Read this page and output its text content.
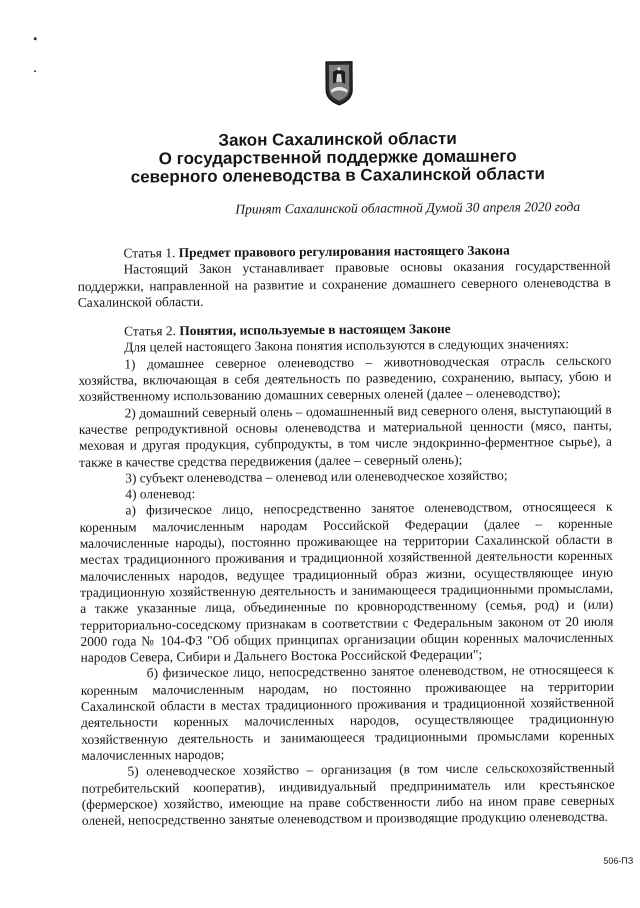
Закон Сахалинской области
О государственной поддержке домашнего
северного оленеводства в Сахалинской области
Принят Сахалинской областной Думой 30 апреля 2020 года

Статья 1. Предмет правового регулирования настоящего Закона

Настоящий Закон устанавливает правовые основы оказания государственной поддержки, направленной на развитие и сохранение домашнего северного оленеводства в Сахалинской области.

Статья 2. Понятия, используемые в настоящем Законе

Для целей настоящего Закона понятия используются в следующих значениях:

1) домашнее северное оленеводство – животноводческая отрасль сельского хозяйства, включающая в себя деятельность по разведению, сохранению, выпасу, убою и хозяйственному использованию домашних северных оленей (далее – оленеводство);

2) домашний северный олень – одомашненный вид северного оленя, выступающий в качестве репродуктивной основы оленеводства и материальной ценности (мясо, панты, меховая и другая продукция, субпродукты, в том числе эндокринно-ферментное сырье), а также в качестве средства передвижения (далее – северный олень);

3) субъект оленеводства – оленевод или оленеводческое хозяйство;

4) оленевод:

а) физическое лицо, непосредственно занятое оленеводством, относящееся к коренным малочисленным народам Российской Федерации (далее – коренные малочисленные народы), постоянно проживающее на территории Сахалинской области в местах традиционного проживания и традиционной хозяйственной деятельности коренных малочисленных народов, ведущее традиционный образ жизни, осуществляющее иную традиционную хозяйственную деятельность и занимающееся традиционными промыслами, а также указанные лица, объединенные по кровнородственному (семья, род) и (или) территориально-соседскому признакам в соответствии с Федеральным законом от 20 июля 2000 года № 104-ФЗ "Об общих принципах организации общин коренных малочисленных народов Севера, Сибири и Дальнего Востока Российской Федерации";

б) физическое лицо, непосредственно занятое оленеводством, не относящееся к коренным малочисленным народам, но постоянно проживающее на территории Сахалинской области в местах традиционного проживания и традиционной хозяйственной деятельности коренных малочисленных народов, осуществляющее традиционную хозяйственную деятельность и занимающееся традиционными промыслами коренных малочисленных народов;

5) оленеводческое хозяйство – организация (в том числе сельскохозяйственный потребительский кооператив), индивидуальный предприниматель или крестьянское (фермерское) хозяйство, имеющие на праве собственности либо на ином праве северных оленей, непосредственно занятые оленеводством и производящие продукцию оленеводства.

506-ПЗ
